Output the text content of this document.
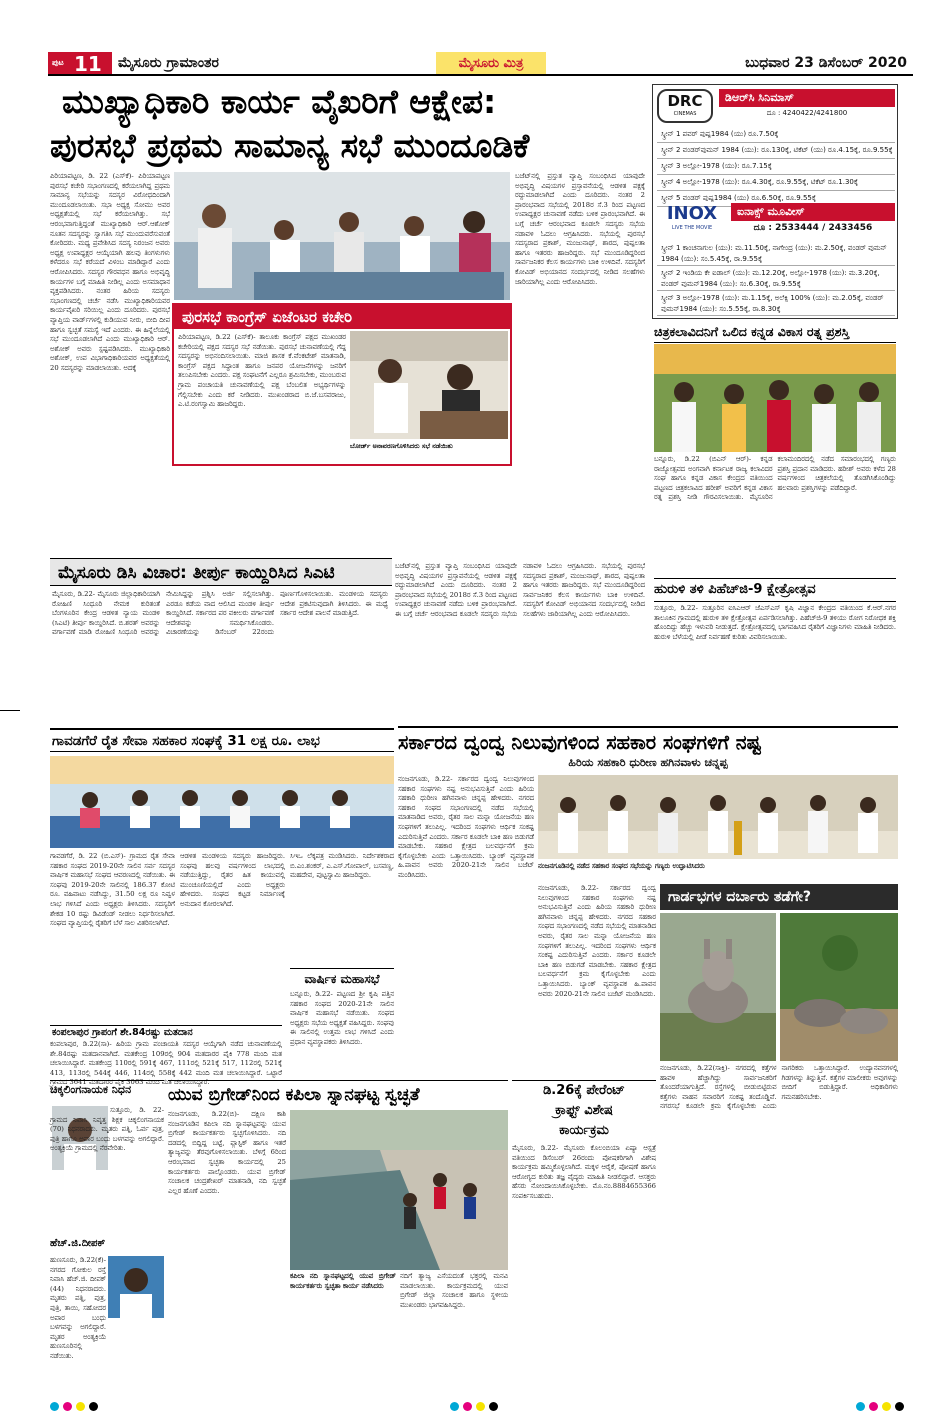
ಪುಟ 11 ಮೈಸೂರು ಗ್ರಾಮಾಂತರ	ಮೈಸೂರು ಮಿತ್ರ	ಬುಧವಾರ 23 ಡಿಸೆಂಬರ್ 2020
ಮುಖ್ಯಾಧಿಕಾರಿ ಕಾರ್ಯ ವೈಖರಿಗೆ ಆಕ್ಷೇಪ:
ಪುರಸಭೆ ಪ್ರಥಮ ಸಾಮಾನ್ಯ ಸಭೆ ಮುಂದೂಡಿಕೆ
ಪಿರಿಯಾಪಟ್ಟಣ, ಡಿ. 22 (ಎಸ್‌ಕೆ)- ಪಿರಿಯಾಪಟ್ಟಣ ಪುರಸಭೆ ಕಚೇರಿ ಸಭಾಂಗಣದಲ್ಲಿ ಕರೆಯಲಾಗಿದ್ದ ಪ್ರಥಮ ಸಾಮಾನ್ಯ ಸಭೆಯನ್ನು ಸದಸ್ಯರ ವಿರೋಧದಿಂದಾಗಿ ಮುಂದೂಡಲಾಯಿತು. ಸಭಾ ಅಧ್ಯಕ್ಷ ಸೋಮು ಅವರ ಅಧ್ಯಕ್ಷತೆಯಲ್ಲಿ ಸಭೆ ಕರೆಯಲಾಗಿತ್ತು. ಸಭೆ ಆರಂಭವಾಗುತ್ತಿದ್ದಂತೆ ಮುಖ್ಯಾಧಿಕಾರಿ ಆರ್.ಆಶೋಕ್ ನೂತನ ಸದಸ್ಯರನ್ನು ಸ್ವಾಗತಿಸಿ ಸಭೆ ಮುಂದುವರೆಸುವಂತೆ ಕೋರಿದರು. ಮಧ್ಯ ಪ್ರವೇಶಿಸಿದ ಸದಸ್ಯ ನಿರಂಜನ ಅವರು ಅಧ್ಯಕ್ಷ ಉಪಾಧ್ಯಕ್ಷರ ಆಯ್ಕೆಯಾಗಿ ಹಲವು ತಿಂಗಳುಗಳು ಕಳೆದರೂ ಸಭೆ ಕರೆಯದೆ ವಿಳಂಬ ಮಾಡಿದ್ದಾರೆ ಎಂದು ಆರೋಪಿಸಿದರು. ಸದಸ್ಯರ ಗೌರವಧನ ಹಾಗೂ ಅಭಿವೃದ್ಧಿ ಕಾರ್ಯಗಳ ಬಗ್ಗೆ ಮಾಹಿತಿ ನೀಡಿಲ್ಲ ಎಂದು ಅಸಮಾಧಾನ ವ್ಯಕ್ತಪಡಿಸಿದರು. ನಂತರ ಹಿರಿಯ ಸದಸ್ಯರು ಸಭಾಂಗಣದಲ್ಲಿ ಚರ್ಚೆ ನಡೆಸಿ ಮುಖ್ಯಾಧಿಕಾರಿಯವರ ಕಾರ್ಯವೈಖರಿ ಸರಿಯಿಲ್ಲ ಎಂದು ದೂರಿದರು. ಪುರಸಭೆ ವ್ಯಾಪ್ತಿಯ ವಾರ್ಡ್‌ಗಳಲ್ಲಿ ಕುಡಿಯುವ ನೀರು, ಬೀದಿ ದೀಪ ಹಾಗೂ ಸ್ವಚ್ಛತೆ ಸಮಸ್ಯೆ ಇದೆ ಎಂದರು. ಈ ಹಿನ್ನೆಲೆಯಲ್ಲಿ ಸಭೆ ಮುಂದೂಡಲಾಗಿದೆ ಎಂದು ಮುಖ್ಯಾಧಿಕಾರಿ ಆರ್. ಅಶೋಕ್ ಅವರು ಸ್ಪಷ್ಟಪಡಿಸಿದರು. ಮುಖ್ಯಾಧಿಕಾರಿ ಅಶೋಕ್, ಉಪ ವಿಭಾಗಾಧಿಕಾರಿಯವರ ಅಧ್ಯಕ್ಷತೆಯಲ್ಲಿ 20 ಸದಸ್ಯರನ್ನು ಮಾಡಲಾಯಿತು. ಅದಕ್ಕೆ
ಪುರಸಭೆ ಕಾಂಗ್ರೆಸ್ ಏಜೆಂಟರ ಕಚೇರಿ
ಪಿರಿಯಾಪಟ್ಟಣ, ಡಿ.22 (ಎಸ್‌ಕೆ)- ತಾಲೂಕು ಕಾಂಗ್ರೆಸ್ ಪಕ್ಷದ ಮುಖಂಡರ ಕಚೇರಿಯಲ್ಲಿ ಪಕ್ಷದ ಸದಸ್ಯರ ಸಭೆ ನಡೆಯಿತು. ಪುರಸಭೆ ಚುನಾವಣೆಯಲ್ಲಿ ಗೆದ್ದ ಸದಸ್ಯರನ್ನು ಅಭಿನಂದಿಸಲಾಯಿತು. ಮಾಜಿ ಶಾಸಕ ಕೆ.ವೆಂಕಟೇಶ್ ಮಾತನಾಡಿ, ಕಾಂಗ್ರೆಸ್ ಪಕ್ಷದ ಸಿದ್ಧಾಂತ ಹಾಗೂ ಜನಪರ ಯೋಜನೆಗಳನ್ನು ಜನರಿಗೆ ತಲುಪಿಸಬೇಕು ಎಂದರು. ಪಕ್ಷ ಸಂಘಟನೆಗೆ ಎಲ್ಲರೂ ಶ್ರಮಿಸಬೇಕು, ಮುಂಬರುವ ಗ್ರಾಮ ಪಂಚಾಯತಿ ಚುನಾವಣೆಯಲ್ಲಿ ಪಕ್ಷ ಬೆಂಬಲಿತ ಅಭ್ಯರ್ಥಿಗಳನ್ನು ಗೆಲ್ಲಿಸಬೇಕು ಎಂದು ಕರೆ ನೀಡಿದರು. ಮುಖಂಡರಾದ ಬಿ.ಜೆ.ಬಸವರಾಜು, ಎ.ಟಿ.ರಂಗಸ್ವಾಮಿ ಹಾಜರಿದ್ದರು.
ಬೋರ್ಡ್ ಅನಾವರಣಗೊಳಿಸಿದರು ಸಭೆ ನಡೆಯಿತು
ಬಜೆಟ್‌ನಲ್ಲಿ ಪ್ರಸ್ತುತ ವ್ಯಾಪ್ತಿ ಸಂಬಂಧಿಸಿದ ಯಾವುದೇ ಅಭಿವೃದ್ಧಿ ವಿಷಯಗಳ ಪ್ರಸ್ತಾವನೆಯಲ್ಲಿ ಆಡಳಿತ ಪಕ್ಷಕ್ಕೆ ರದ್ದುಮಾಡಲಾಗಿದೆ ಎಂದು ದೂರಿದರು. ನಂತರ 2 ಪ್ರಾರಂಭವಾದ ಸಭೆಯಲ್ಲಿ 2018ರ ಸೆ.3 ರಿಂದ ಪಟ್ಟಣದ ಉಪಾಧ್ಯಕ್ಷರ ಚುನಾವಣೆ ನಡೆದು ಬಳಿಕ ಪ್ರಾರಂಭವಾಗಿದೆ. ಈ ಬಗ್ಗೆ ಚರ್ಚೆ ಆರಂಭವಾದ ಕೂಡಲೇ ಸದಸ್ಯರು ಸಭೆಯ ನಡಾವಳಿ ಓದಲು ಆಗ್ರಹಿಸಿದರು. ಸಭೆಯಲ್ಲಿ ಪುರಸಭೆ ಸದಸ್ಯರಾದ ಪ್ರಕಾಶ್, ಮಂಜುನಾಥ್, ಶಾರದ, ಪುಷ್ಪಲತಾ ಹಾಗೂ ಇತರರು ಹಾಜರಿದ್ದರು. ಸಭೆ ಮುಂದೂಡಿದ್ದರಿಂದ ಸಾರ್ವಜನಿಕರ ಕೆಲಸ ಕಾರ್ಯಗಳು ಬಾಕಿ ಉಳಿದಿವೆ. ಸದಸ್ಯರಿಗೆ ಕೋವಿಡ್ ಅಭಿಯಾನದ ಸಂದರ್ಭದಲ್ಲಿ ನೀಡಿದ ಸಲಹೆಗಳು ಜಾರಿಯಾಗಿಲ್ಲ ಎಂದು ಆರೋಪಿಸಿದರು.
ಮೈಸೂರು ಡಿಸಿ ವಿಚಾರ: ತೀರ್ಪು ಕಾಯ್ದಿರಿಸಿದ ಸಿಎಟಿ
ಮೈಸೂರು, ಡಿ.22- ಮೈಸೂರು ಜಿಲ್ಲಾಧಿಕಾರಿಯಾಗಿ ರೋಹಿಣಿ ಸಿಂಧೂರಿ ನೇಮಕ ಕುರಿತಂತೆ ಬೆಂಗಳೂರಿನ ಕೇಂದ್ರ ಆಡಳಿತ ನ್ಯಾಯ ಮಂಡಳಿ (ಸಿಎಟಿ) ತೀರ್ಪು ಕಾಯ್ದಿರಿಸಿದೆ. ಬಿ.ಶರತ್ ಅವರನ್ನು ವರ್ಗಾವಣೆ ಮಾಡಿ ರೋಹಿಣಿ ಸಿಂಧೂರಿ ಅವರನ್ನು ನೇಮಿಸಿದ್ದನ್ನು ಪ್ರಶ್ನಿಸಿ ಅರ್ಜಿ ಸಲ್ಲಿಸಲಾಗಿತ್ತು. ಎರಡೂ ಕಡೆಯ ವಾದ ಆಲಿಸಿದ ಮಂಡಳಿ ತೀರ್ಪು ಕಾಯ್ದಿರಿಸಿದೆ. ಸರ್ಕಾರದ ಪರ ವಕೀಲರು ವರ್ಗಾವಣೆ ಆದೇಶವನ್ನು ಸಮರ್ಥಿಸಿಕೊಂಡರು. ವಿಚಾರಣೆಯನ್ನು ಡಿಸೆಂಬರ್ 22ರಂದು ಪೂರ್ಣಗೊಳಿಸಲಾಯಿತು. ಮಂಡಳಿಯ ಸದಸ್ಯರು ಆದೇಶ ಪ್ರಕಟಿಸುವುದಾಗಿ ತಿಳಿಸಿದರು. ಈ ಮಧ್ಯೆ ಸರ್ಕಾರ ಆದೇಶ ಪಾಲನೆ ಮಾಡುತ್ತಿದೆ.
ಬಜೆಟ್‌ನಲ್ಲಿ ಪ್ರಸ್ತುತ ವ್ಯಾಪ್ತಿ ಸಂಬಂಧಿಸಿದ ಯಾವುದೇ ಅಭಿವೃದ್ಧಿ ವಿಷಯಗಳ ಪ್ರಸ್ತಾವನೆಯಲ್ಲಿ ಆಡಳಿತ ಪಕ್ಷಕ್ಕೆ ರದ್ದುಮಾಡಲಾಗಿದೆ ಎಂದು ದೂರಿದರು. ನಂತರ 2 ಪ್ರಾರಂಭವಾದ ಸಭೆಯಲ್ಲಿ 2018ರ ಸೆ.3 ರಿಂದ ಪಟ್ಟಣದ ಉಪಾಧ್ಯಕ್ಷರ ಚುನಾವಣೆ ನಡೆದು ಬಳಿಕ ಪ್ರಾರಂಭವಾಗಿದೆ. ಈ ಬಗ್ಗೆ ಚರ್ಚೆ ಆರಂಭವಾದ ಕೂಡಲೇ ಸದಸ್ಯರು ಸಭೆಯ ನಡಾವಳಿ ಓದಲು ಆಗ್ರಹಿಸಿದರು. ಸಭೆಯಲ್ಲಿ ಪುರಸಭೆ ಸದಸ್ಯರಾದ ಪ್ರಕಾಶ್, ಮಂಜುನಾಥ್, ಶಾರದ, ಪುಷ್ಪಲತಾ ಹಾಗೂ ಇತರರು ಹಾಜರಿದ್ದರು. ಸಭೆ ಮುಂದೂಡಿದ್ದರಿಂದ ಸಾರ್ವಜನಿಕರ ಕೆಲಸ ಕಾರ್ಯಗಳು ಬಾಕಿ ಉಳಿದಿವೆ. ಸದಸ್ಯರಿಗೆ ಕೋವಿಡ್ ಅಭಿಯಾನದ ಸಂದರ್ಭದಲ್ಲಿ ನೀಡಿದ ಸಲಹೆಗಳು ಜಾರಿಯಾಗಿಲ್ಲ ಎಂದು ಆರೋಪಿಸಿದರು.
DRC
CINEMAS
ಡಿಆರ್‌ಸಿ ಸಿನಿಮಾಸ್
ದೂ : 4240422/4241800
ಸ್ಕ್ರೀನ್ 1 ಪವರ್ ಪುಷ್ಪ1984 (ಯು) ರೂ.7.50ಕ್ಕೆ
ಸ್ಕ್ರೀನ್ 2 ವಂಡರ್‌ವುಮನ್ 1984 (ಯು): ರೂ.130ಕ್ಕೆ, ಟಿಕೆಟ್ (ಯು) ರೂ.4.15ಕ್ಕೆ, ರೂ.9.55ಕ್ಕೆ
ಸ್ಕ್ರೀನ್ 3 ಅಲ್ಲೋ-1978 (ಯು): ರೂ.7.15ಕ್ಕೆ
ಸ್ಕ್ರೀನ್ 4 ಅಲ್ಲೋ-1978 (ಯು): ರೂ.4.30ಕ್ಕೆ, ರೂ.9.55ಕ್ಕೆ, ಟಿಕೆಟ್ ರೂ.1.30ಕ್ಕೆ
ಸ್ಕ್ರೀನ್ 5 ವಂಡರ್ ಪುಷ್ಪ1984 (ಯು) ರೂ.6.50ಕ್ಕೆ, ರೂ.9.55ಕ್ಕೆ
INOX
LIVE THE MOVIE
ಐನಾಕ್ಸ್ ಮೂವೀಸ್
ದೂ : 2533444 / 2433456
ಸ್ಕ್ರೀನ್ 1 ಕಾಂಚನಾಗುಲ (ಯು): ಮ.11.50ಕ್ಕೆ, ನಾಗೇಂದ್ರ (ಯು): ಮ.2.50ಕ್ಕೆ, ವಂಡರ್ ವುಮನ್ 1984 (ಯು): ಸಂ.5.45ಕ್ಕೆ, ರಾ.9.55ಕ್ಕೆ
ಸ್ಕ್ರೀನ್ 2 ಇಂಡಿಯ ಕೇ ಐಡಾಲ್ (ಯು): ಮ.12.20ಕ್ಕೆ, ಅಲ್ಲೋ-1978 (ಯು): ಮ.3.20ಕ್ಕೆ, ವಂಡರ್ ವುಮನ್1984 (ಯು): ಸಂ.6.30ಕ್ಕೆ, ರಾ.9.55ಕ್ಕೆ
ಸ್ಕ್ರೀನ್ 3 ಅಲ್ಲೋ-1978 (ಯು): ಮ.1.15ಕ್ಕೆ, ಅಲೆಕ್ಸಿ 100% (ಯು): ಮ.2.05ಕ್ಕೆ, ವಂಡರ್ ವುಮನ್1984 (ಯು): ಸಂ.5.55ಕ್ಕೆ, ರಾ.8.30ಕ್ಕೆ
ಚಿತ್ರಕಲಾವಿದನಿಗೆ ಒಲಿದ ಕನ್ನಡ ವಿಕಾಸ ರತ್ನ ಪ್ರಶಸ್ತಿ
ಬನ್ನೂರು, ಡಿ.22 (ಬಿಎನ್ ಆರ್)- ಕನ್ನಡ ರಾಜ್ಯೋತ್ಸವದ ಅಂಗವಾಗಿ ಕರ್ನಾಟಕ ರಾಜ್ಯ ಕಲಾವಿದರ ಸಂಘ ಹಾಗೂ ಕನ್ನಡ ವಿಕಾಸ ಕೇಂದ್ರದ ವತಿಯಿಂದ ಪಟ್ಟಣದ ಚಿತ್ರಕಲಾವಿದ ಹರೀಶ್ ಅವರಿಗೆ ಕನ್ನಡ ವಿಕಾಸ ರತ್ನ ಪ್ರಶಸ್ತಿ ನೀಡಿ ಗೌರವಿಸಲಾಯಿತು. ಮೈಸೂರಿನ ಕಲಾಮಂದಿರದಲ್ಲಿ ನಡೆದ ಸಮಾರಂಭದಲ್ಲಿ ಗಣ್ಯರು ಪ್ರಶಸ್ತಿ ಪ್ರದಾನ ಮಾಡಿದರು. ಹರೀಶ್ ಅವರು ಕಳೆದ 28 ವರ್ಷಗಳಿಂದ ಚಿತ್ರಕಲೆಯಲ್ಲಿ ತೊಡಗಿಸಿಕೊಂಡಿದ್ದು ಹಲವಾರು ಪ್ರಶಸ್ತಿಗಳನ್ನು ಪಡೆದಿದ್ದಾರೆ.
ಹುರುಳಿ ತಳಿ ಪಿಹೆಚ್‌ಜಿ-9 ಕ್ಷೇತ್ರೋತ್ಸವ
ಸುತ್ತೂರು, ಡಿ.22- ಸುತ್ತೂರಿನ ಐಸಿಎಆರ್ ಜೆಎಸ್‌ಎಸ್ ಕೃಷಿ ವಿಜ್ಞಾನ ಕೇಂದ್ರದ ವತಿಯಿಂದ ಕೆ.ಆರ್.ನಗರ ತಾಲೂಕಿನ ಗ್ರಾಮದಲ್ಲಿ ಹುರುಳಿ ತಳಿ ಕ್ಷೇತ್ರೋತ್ಸವ ಏರ್ಪಡಿಸಲಾಗಿತ್ತು. ಪಿಹೆಚ್‌ಜಿ-9 ತಳಿಯು ರೋಗ ನಿರೋಧಕ ಶಕ್ತಿ ಹೊಂದಿದ್ದು ಹೆಚ್ಚು ಇಳುವರಿ ನೀಡುತ್ತದೆ. ಕ್ಷೇತ್ರೋತ್ಸವದಲ್ಲಿ ಭಾಗವಹಿಸಿದ ರೈತರಿಗೆ ವಿಜ್ಞಾನಿಗಳು ಮಾಹಿತಿ ನೀಡಿದರು. ಹುರುಳಿ ಬೆಳೆಯಲ್ಲಿ ಪೀಡೆ ನಿರ್ವಹಣೆ ಕುರಿತು ವಿವರಿಸಲಾಯಿತು.
ಗಾವಡಗೆರೆ ರೈತ ಸೇವಾ ಸಹಕಾರ ಸಂಘಕ್ಕೆ 31 ಲಕ್ಷ ರೂ. ಲಾಭ
ಗಾವಡಗೆರೆ, ಡಿ. 22 (ಬಿ.ಎಸ್)- ಗ್ರಾಮದ ರೈತ ಸೇವಾ ಸಹಕಾರ ಸಂಘದ 2019-20ನೇ ಸಾಲಿನ ಸರ್ವ ಸದಸ್ಯರ ವಾರ್ಷಿಕ ಮಹಾಸಭೆ ಸಂಘದ ಆವರಣದಲ್ಲಿ ನಡೆಯಿತು. ಈ ಸಂಘವು 2019-20ನೇ ಸಾಲಿನಲ್ಲಿ 186.37 ಕೋಟಿ ರೂ. ವಹಿವಾಟು ನಡೆಸಿದ್ದು, 31.50 ಲಕ್ಷ ರೂ ನಿವ್ವಳ ಲಾಭ ಗಳಿಸಿದೆ ಎಂದು ಅಧ್ಯಕ್ಷರು ತಿಳಿಸಿದರು. ಸದಸ್ಯರಿಗೆ ಶೇಕಡ 10 ರಷ್ಟು ಡಿವಿಡೆಂಡ್ ನೀಡಲು ನಿರ್ಧರಿಸಲಾಗಿದೆ. ಸಂಘದ ವ್ಯಾಪ್ತಿಯಲ್ಲಿ ರೈತರಿಗೆ ಬೆಳೆ ಸಾಲ ವಿತರಿಸಲಾಗಿದೆ.
ಆಡಳಿತ ಮಂಡಳಿಯ ಸದಸ್ಯರು ಹಾಜರಿದ್ದರು. ಸಂಘವು ಹಲವು ವರ್ಷಗಳಿಂದ ಲಾಭದಲ್ಲಿ ನಡೆಯುತ್ತಿದ್ದು, ರೈತರ ಹಿತ ಕಾಯುವಲ್ಲಿ ಮುಂಚೂಣಿಯಲ್ಲಿದೆ ಎಂದು ಅಧ್ಯಕ್ಷರು ಹೇಳಿದರು. ಸಂಘದ ಕಟ್ಟಡ ನಿರ್ಮಾಣಕ್ಕೆ ಅನುದಾನ ಕೋರಲಾಗಿದೆ.
ಸಿಇಒ ಲೆಕ್ಕಪತ್ರ ಮಂಡಿಸಿದರು. ನಿರ್ದೇಶಕರಾದ ಬಿ.ಎಂ.ಶಂಕರ್, ಎ.ಎಸ್.ಗೋಪಾಲ್, ಬಸವಣ್ಣ, ಮಹದೇವ, ಪುಟ್ಟಸ್ವಾಮಿ ಹಾಜರಿದ್ದರು.
ಕಂಪಲಾಪುರ ಗ್ರಾಪಂಗೆ ಶೇ.84ರಷ್ಟು ಮತದಾನ
ಕಂಪಲಾಪುರ, ಡಿ.22(ಸಾ)- ಹಿರಿಯ ಗ್ರಾಮ ಪಂಚಾಯತಿ ಸದಸ್ಯರ ಆಯ್ಕೆಗಾಗಿ ನಡೆದ ಚುನಾವಣೆಯಲ್ಲಿ ಶೇ.84ರಷ್ಟು ಮತದಾನವಾಗಿದೆ. ಮತಕೇಂದ್ರ 109ರಲ್ಲಿ 904 ಮತದಾರರ ಪೈಕಿ 778 ಮಂದಿ ಮತ ಚಲಾಯಿಸಿದ್ದಾರೆ. ಮತಕೇಂದ್ರ 110ರಲ್ಲಿ 591ಕ್ಕೆ 467, 111ರಲ್ಲಿ 521ಕ್ಕೆ 517, 112ರಲ್ಲಿ 521ಕ್ಕೆ 413, 113ರಲ್ಲಿ 544ಕ್ಕೆ 446, 114ರಲ್ಲಿ 558ಕ್ಕೆ 442 ಮಂದಿ ಮತ ಚಲಾಯಿಸಿದ್ದಾರೆ. ಒಟ್ಟಾರೆ ಗ್ರಾಮದ 3641 ಮತದಾರರ ಪೈಕಿ 3063 ಮಂದಿ ಮತ ಚಲಾಯಿಸಿದ್ದಾರೆ.
ವಾರ್ಷಿಕ ಮಹಾಸಭೆ
ಬನ್ನೂರು, ಡಿ.22- ಪಟ್ಟಣದ ಶ್ರೀ ಕೃಷಿ ಪತ್ತಿನ ಸಹಕಾರ ಸಂಘದ 2020-21ನೇ ಸಾಲಿನ ವಾರ್ಷಿಕ ಮಹಾಸಭೆ ನಡೆಯಿತು. ಸಂಘದ ಅಧ್ಯಕ್ಷರು ಸಭೆಯ ಅಧ್ಯಕ್ಷತೆ ವಹಿಸಿದ್ದರು. ಸಂಘವು ಈ ಸಾಲಿನಲ್ಲಿ ಉತ್ತಮ ಲಾಭ ಗಳಿಸಿದೆ ಎಂದು ಪ್ರಧಾನ ವ್ಯವಸ್ಥಾಪಕರು ತಿಳಿಸಿದರು.
ಸರ್ಕಾರದ ದ್ವಂದ್ವ ನಿಲುವುಗಳಿಂದ ಸಹಕಾರ ಸಂಘಗಳಿಗೆ ನಷ್ಟ
ಹಿರಿಯ ಸಹಕಾರಿ ಧುರೀಣ ಹಗಿನವಾಳು ಚನ್ನಪ್ಪ
ನಂಜನಗೂಡು, ಡಿ.22- ಸರ್ಕಾರದ ದ್ವಂದ್ವ ನಿಲುವುಗಳಿಂದ ಸಹಕಾರ ಸಂಘಗಳು ನಷ್ಟ ಅನುಭವಿಸುತ್ತಿವೆ ಎಂದು ಹಿರಿಯ ಸಹಕಾರಿ ಧುರೀಣ ಹಗಿನವಾಳು ಚನ್ನಪ್ಪ ಹೇಳಿದರು. ನಗರದ ಸಹಕಾರ ಸಂಘದ ಸಭಾಂಗಣದಲ್ಲಿ ನಡೆದ ಸಭೆಯಲ್ಲಿ ಮಾತನಾಡಿದ ಅವರು, ರೈತರ ಸಾಲ ಮನ್ನಾ ಯೋಜನೆಯ ಹಣ ಸಂಘಗಳಿಗೆ ತಲುಪಿಲ್ಲ. ಇದರಿಂದ ಸಂಘಗಳು ಆರ್ಥಿಕ ಸಂಕಷ್ಟ ಎದುರಿಸುತ್ತಿವೆ ಎಂದರು. ಸರ್ಕಾರ ಕೂಡಲೇ ಬಾಕಿ ಹಣ ಬಿಡುಗಡೆ ಮಾಡಬೇಕು. ಸಹಕಾರ ಕ್ಷೇತ್ರದ ಬಲವರ್ಧನೆಗೆ ಕ್ರಮ ಕೈಗೊಳ್ಳಬೇಕು ಎಂದು ಒತ್ತಾಯಿಸಿದರು. ಬ್ಯಾಂಕ್ ವ್ಯವಸ್ಥಾಪಕ ಹಿ.ಪಾವನ ಅವರು 2020-21ನೇ ಸಾಲಿನ ಬಜೆಟ್ ಮಂಡಿಸಿದರು.
ನಂಜನಗೂಡಿನಲ್ಲಿ ನಡೆದ ಸಹಕಾರ ಸಂಘದ ಸಭೆಯನ್ನು ಗಣ್ಯರು ಉದ್ಘಾಟಿಸಿದರು
ನಂಜನಗೂಡು, ಡಿ.22- ಸರ್ಕಾರದ ದ್ವಂದ್ವ ನಿಲುವುಗಳಿಂದ ಸಹಕಾರ ಸಂಘಗಳು ನಷ್ಟ ಅನುಭವಿಸುತ್ತಿವೆ ಎಂದು ಹಿರಿಯ ಸಹಕಾರಿ ಧುರೀಣ ಹಗಿನವಾಳು ಚನ್ನಪ್ಪ ಹೇಳಿದರು. ನಗರದ ಸಹಕಾರ ಸಂಘದ ಸಭಾಂಗಣದಲ್ಲಿ ನಡೆದ ಸಭೆಯಲ್ಲಿ ಮಾತನಾಡಿದ ಅವರು, ರೈತರ ಸಾಲ ಮನ್ನಾ ಯೋಜನೆಯ ಹಣ ಸಂಘಗಳಿಗೆ ತಲುಪಿಲ್ಲ. ಇದರಿಂದ ಸಂಘಗಳು ಆರ್ಥಿಕ ಸಂಕಷ್ಟ ಎದುರಿಸುತ್ತಿವೆ ಎಂದರು. ಸರ್ಕಾರ ಕೂಡಲೇ ಬಾಕಿ ಹಣ ಬಿಡುಗಡೆ ಮಾಡಬೇಕು. ಸಹಕಾರ ಕ್ಷೇತ್ರದ ಬಲವರ್ಧನೆಗೆ ಕ್ರಮ ಕೈಗೊಳ್ಳಬೇಕು ಎಂದು ಒತ್ತಾಯಿಸಿದರು. ಬ್ಯಾಂಕ್ ವ್ಯವಸ್ಥಾಪಕ ಹಿ.ಪಾವನ ಅವರು 2020-21ನೇ ಸಾಲಿನ ಬಜೆಟ್ ಮಂಡಿಸಿದರು.
ಗಾರ್ಡಭಗಳ ದರ್ಬಾರು ತಡೆಗೇ?
ನಂಜನಗೂಡು, ಡಿ.22(ಸಾಕ್ತಿ)- ನಗರದಲ್ಲಿ ಕತ್ತೆಗಳ ಹಾವಳಿ ಹೆಚ್ಚಾಗಿದ್ದು ಸಾರ್ವಜನಿಕರಿಗೆ ತೊಂದರೆಯಾಗುತ್ತಿದೆ. ರಸ್ತೆಗಳಲ್ಲಿ ಬೀಡುಬಿಟ್ಟಿರುವ ಕತ್ತೆಗಳು ವಾಹನ ಸವಾರರಿಗೆ ಸಂಕಷ್ಟ ತಂದೊಡ್ಡಿವೆ. ನಗರಸಭೆ ಕೂಡಲೇ ಕ್ರಮ ಕೈಗೊಳ್ಳಬೇಕು ಎಂದು ನಾಗರಿಕರು ಒತ್ತಾಯಿಸಿದ್ದಾರೆ. ಉದ್ಯಾನವನಗಳಲ್ಲಿ ಗಿಡಗಳನ್ನು ತಿನ್ನುತ್ತಿವೆ. ಕತ್ತೆಗಳ ಮಾಲೀಕರು ಅವುಗಳನ್ನು ಬೀದಿಗೆ ಬಿಡುತ್ತಿದ್ದಾರೆ. ಅಧಿಕಾರಿಗಳು ಗಮನಹರಿಸಬೇಕು.
ಚಿಕ್ಕಲಿಂಗನಾಯಕ ನಿಧನ
ಸುತ್ತೂರು, ಡಿ. 22- ಗ್ರಾಮದ ನಿವಾಸಿ ನಿವೃತ್ತ ಶಿಕ್ಷಕ ಚಿಕ್ಕಲಿಂಗನಾಯಕ (70) ನಿಧನರಾದರು. ಮೃತರು ಪತ್ನಿ, ಓರ್ವ ಪುತ್ರ, ಪುತ್ರಿ ಹಾಗೂ ಅಪಾರ ಬಂಧು ಬಳಗವನ್ನು ಅಗಲಿದ್ದಾರೆ. ಅಂತ್ಯಕ್ರಿಯೆ ಗ್ರಾಮದಲ್ಲಿ ನೆರವೇರಿತು.
ಹೆಚ್.ಜಿ.ದೀಪಕ್
ಹುಣಸೂರು, ಡಿ.22(ಕೆ)- ನಗರದ ಗೋಕುಲ ರಸ್ತೆ ನಿವಾಸಿ ಹೆಚ್.ಜಿ. ದೀಪಕ್ (44) ನಿಧನರಾದರು. ಮೃತರು ಪತ್ನಿ, ಪುತ್ರ, ಪುತ್ರಿ, ತಾಯಿ, ಸಹೋದರ ಅಪಾರ ಬಂಧು ಬಳಗವನ್ನು ಅಗಲಿದ್ದಾರೆ. ಮೃತರ ಅಂತ್ಯಕ್ರಿಯೆ ಹುಣಸೂರಿನಲ್ಲಿ ನಡೆಯಿತು.
ಯುವ ಬ್ರಿಗೇಡ್‌ನಿಂದ ಕಪಿಲಾ ಸ್ನಾನಘಟ್ಟ ಸ್ವಚ್ಛತೆ
ನಂಜನಗೂಡು, ಡಿ.22(ಬಿ)- ದಕ್ಷಿಣ ಕಾಶಿ ನಂಜನಗೂಡಿನ ಕಪಿಲಾ ನದಿ ಸ್ನಾನಘಟ್ಟವನ್ನು ಯುವ ಬ್ರಿಗೇಡ್ ಕಾರ್ಯಕರ್ತರು ಸ್ವಚ್ಛಗೊಳಿಸಿದರು. ನದಿ ದಡದಲ್ಲಿ ಬಿದ್ದಿದ್ದ ಬಟ್ಟೆ, ಪ್ಲಾಸ್ಟಿಕ್ ಹಾಗೂ ಇತರೆ ತ್ಯಾಜ್ಯವನ್ನು ತೆರವುಗೊಳಿಸಲಾಯಿತು. ಬೆಳಿಗ್ಗೆ 6ರಿಂದ ಆರಂಭವಾದ ಸ್ವಚ್ಛತಾ ಕಾರ್ಯದಲ್ಲಿ 25 ಕಾರ್ಯಕರ್ತರು ಪಾಲ್ಗೊಂಡರು. ಯುವ ಬ್ರಿಗೇಡ್ ಸಂಚಾಲಕ ಚಂದ್ರಶೇಖರ್ ಮಾತನಾಡಿ, ನದಿ ಸ್ವಚ್ಛತೆ ಎಲ್ಲರ ಹೊಣೆ ಎಂದರು.
ಕಪಿಲಾ ನದಿ ಸ್ನಾನಘಟ್ಟದಲ್ಲಿ ಯುವ ಬ್ರಿಗೇಡ್ ಕಾರ್ಯಕರ್ತರು ಸ್ವಚ್ಛತಾ ಕಾರ್ಯ ನಡೆಸಿದರು
ನದಿಗೆ ತ್ಯಾಜ್ಯ ಎಸೆಯದಂತೆ ಭಕ್ತರಲ್ಲಿ ಮನವಿ ಮಾಡಲಾಯಿತು. ಕಾರ್ಯಕ್ರಮದಲ್ಲಿ ಯುವ ಬ್ರಿಗೇಡ್ ಜಿಲ್ಲಾ ಸಂಚಾಲಕ ಹಾಗೂ ಸ್ಥಳೀಯ ಮುಖಂಡರು ಭಾಗವಹಿಸಿದ್ದರು.
ಡಿ.26ಕ್ಕೆ ಪೇರೆಂಟ್
ಕ್ರಾಫ್ಟ್ ವಿಶೇಷ
ಕಾರ್ಯಕ್ರಮ
ಮೈಸೂರು, ಡಿ.22- ಮೈಸೂರು ಕೊಲಂಬಿಯಾ ಏಷ್ಯಾ ಆಸ್ಪತ್ರೆ ವತಿಯಿಂದ ಡಿಸೆಂಬರ್ 26ರಂದು ಪೋಷಕರಿಗಾಗಿ ವಿಶೇಷ ಕಾರ್ಯಕ್ರಮ ಹಮ್ಮಿಕೊಳ್ಳಲಾಗಿದೆ. ಮಕ್ಕಳ ಆರೈಕೆ, ಪೋಷಣೆ ಹಾಗೂ ಆರೋಗ್ಯದ ಕುರಿತು ತಜ್ಞ ವೈದ್ಯರು ಮಾಹಿತಿ ನೀಡಲಿದ್ದಾರೆ. ಆಸಕ್ತರು ಹೆಸರು ನೋಂದಾಯಿಸಿಕೊಳ್ಳಬೇಕು. ಮೊ.ನಂ.8884655366 ಸಂಪರ್ಕಿಸಬಹುದು.
